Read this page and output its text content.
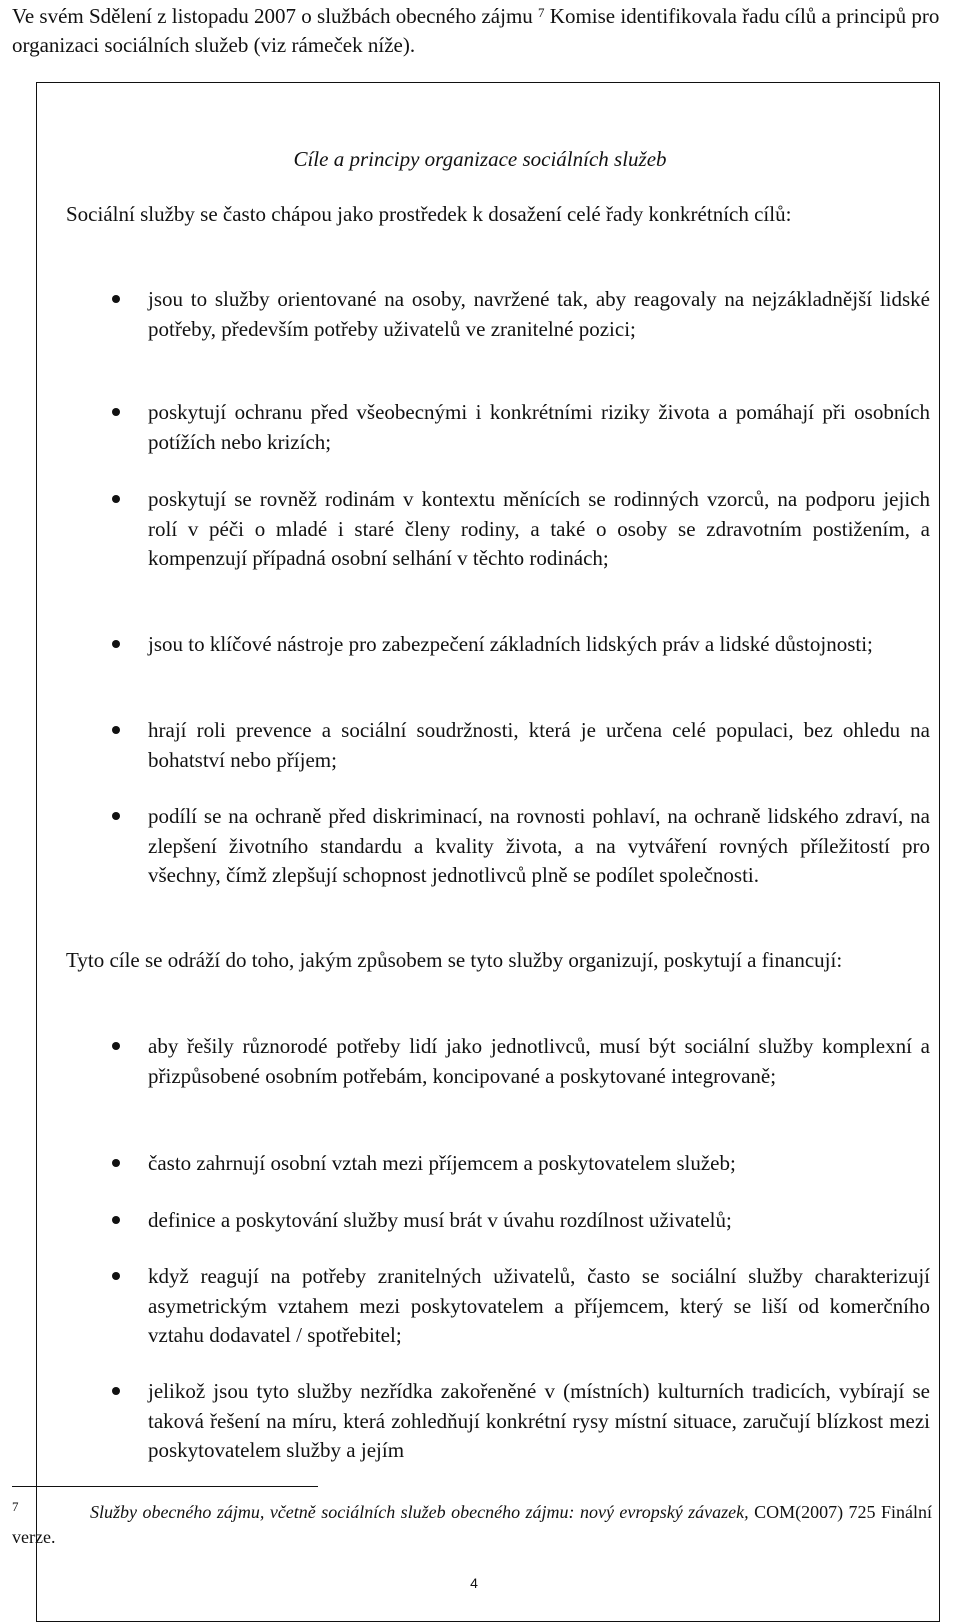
Ve svém Sdělení z listopadu 2007 o službách obecného zájmu $^7$ Komise identifikovala řadu cílů a principů pro organizaci sociálních služeb (viz rámeček níže).
Cíle a principy organizace sociálních služeb
Sociální služby se často chápou jako prostředek k dosažení celé řady konkrétních cílů:
jsou to služby orientované na osoby, navržené tak, aby reagovaly na nejzákladnější lidské potřeby, především potřeby uživatelů ve zranitelné pozici;
poskytují ochranu před všeobecnými i konkrétními riziky života a pomáhají při osobních potížích nebo krizích;
poskytují se rovněž rodinám v kontextu měnících se rodinných vzorců, na podporu jejich rolí v péči o mladé i staré členy rodiny, a také o osoby se zdravotním postižením, a kompenzují případná osobní selhání v těchto rodinách;
jsou to klíčové nástroje pro zabezpečení základních lidských práv a lidské důstojnosti;
hrají roli prevence a sociální soudržnosti, která je určena celé populaci, bez ohledu na bohatství nebo příjem;
podílí se na ochraně před diskriminací, na rovnosti pohlaví, na ochraně lidského zdraví, na zlepšení životního standardu a kvality života, a na vytváření rovných příležitostí pro všechny, čímž zlepšují schopnost jednotlivců plně se podílet společnosti.
Tyto cíle se odráží do toho, jakým způsobem se tyto služby organizují, poskytují a financují:
aby řešily různorodé potřeby lidí jako jednotlivců, musí být sociální služby komplexní a přizpůsobené osobním potřebám, koncipované a poskytované integrovaně;
často zahrnují osobní vztah mezi příjemcem a poskytovatelem služeb;
definice a poskytování služby musí brát v úvahu rozdílnost uživatelů;
když reagují na potřeby zranitelných uživatelů, často se sociální služby charakterizují asymetrickým vztahem mezi poskytovatelem a příjemcem, který se liší od komerčního vztahu dodavatel / spotřebitel;
jelikož jsou tyto služby nezřídka zakořeněné v (místních) kulturních tradicích, vybírají se taková řešení na míru, která zohledňují konkrétní rysy místní situace, zaručují blízkost mezi poskytovatelem služby a jejím
7	Služby obecného zájmu, včetně sociálních služeb obecného zájmu: nový evropský závazek, COM(2007) 725 Finální verze.
4
